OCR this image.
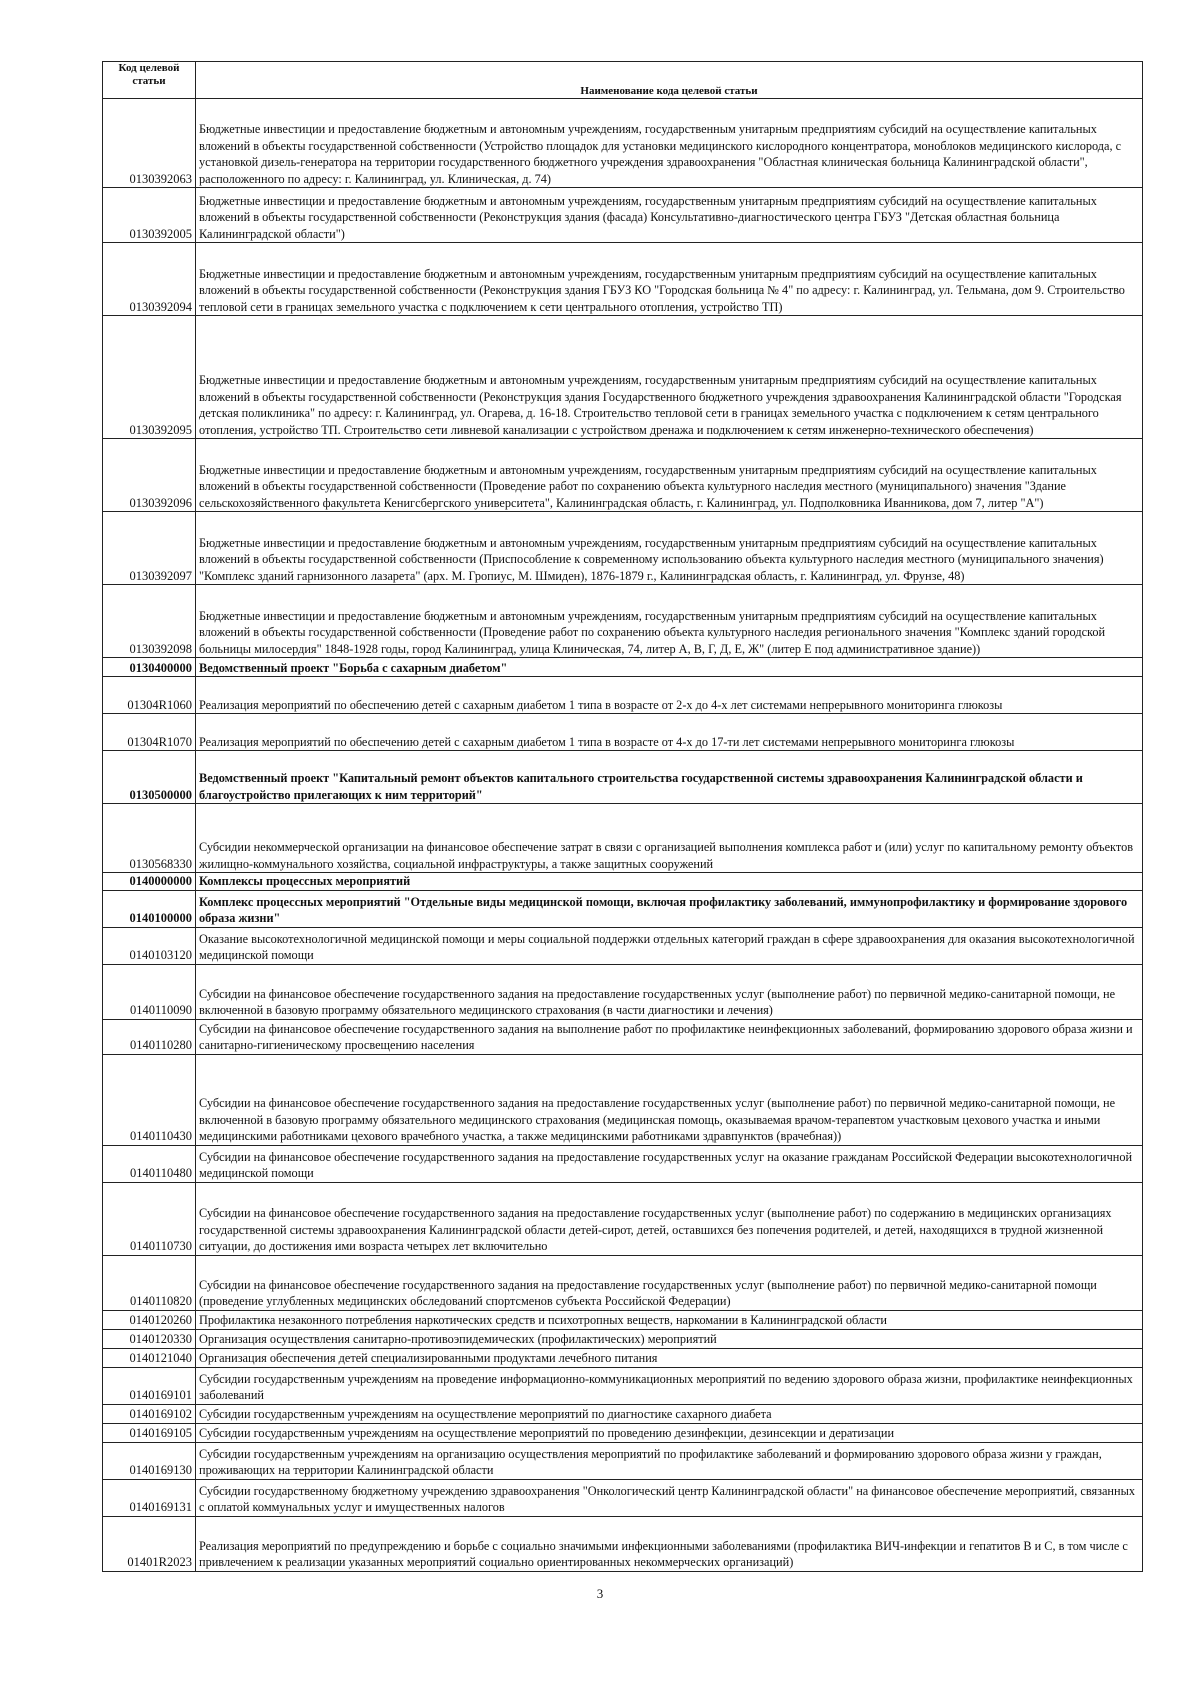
Код целевой статьи	Наименование кода целевой статьи
0130392063	Бюджетные инвестиции и предоставление бюджетным и автономным учреждениям, государственным унитарным предприятиям субсидий на осуществление капитальных вложений в объекты государственной собственности (Устройство площадок для установки медицинского кислородного концентратора, моноблоков медицинского кислорода, с установкой дизель-генератора на территории государственного бюджетного учреждения здравоохранения "Областная клиническая больница Калининградской области", расположенного по адресу: г. Калининград, ул. Клиническая, д. 74)
0130392005	Бюджетные инвестиции и предоставление бюджетным и автономным учреждениям, государственным унитарным предприятиям субсидий на осуществление капитальных вложений в объекты государственной собственности (Реконструкция здания (фасада) Консультативно-диагностического центра ГБУЗ "Детская областная больница Калининградской области")
0130392094	Бюджетные инвестиции и предоставление бюджетным и автономным учреждениям, государственным унитарным предприятиям субсидий на осуществление капитальных вложений в объекты государственной собственности (Реконструкция здания ГБУЗ КО "Городская больница № 4" по адресу: г. Калининград, ул. Тельмана, дом 9. Строительство тепловой сети в границах земельного участка с подключением к сети центрального отопления, устройство ТП)
0130392095	Бюджетные инвестиции и предоставление бюджетным и автономным учреждениям, государственным унитарным предприятиям субсидий на осуществление капитальных вложений в объекты государственной собственности (Реконструкция здания Государственного бюджетного учреждения здравоохранения Калининградской области "Городская детская поликлиника" по адресу: г. Калининград, ул. Огарева, д. 16-18. Строительство тепловой сети в границах земельного участка с подключением к сетям центрального отопления, устройство ТП. Строительство сети ливневой канализации с устройством дренажа и подключением к сетям инженерно-технического обеспечения)
0130392096	Бюджетные инвестиции и предоставление бюджетным и автономным учреждениям, государственным унитарным предприятиям субсидий на осуществление капитальных вложений в объекты государственной собственности (Проведение работ по сохранению объекта культурного наследия местного (муниципального) значения "Здание сельскохозяйственного факультета Кенигсбергского университета", Калининградская область, г. Калининград, ул. Подполковника Иванникова, дом 7, литер "А")
0130392097	Бюджетные инвестиции и предоставление бюджетным и автономным учреждениям, государственным унитарным предприятиям субсидий на осуществление капитальных вложений в объекты государственной собственности (Приспособление к современному использованию объекта культурного наследия местного (муниципального значения) "Комплекс зданий гарнизонного лазарета" (арх. М. Гропиус, М. Шмиден), 1876-1879 г., Калининградская область, г. Калининград, ул. Фрунзе, 48)
0130392098	Бюджетные инвестиции и предоставление бюджетным и автономным учреждениям, государственным унитарным предприятиям субсидий на осуществление капитальных вложений в объекты государственной собственности (Проведение работ по сохранению объекта культурного наследия регионального значения "Комплекс зданий городской больницы милосердия" 1848-1928 годы, город Калининград, улица Клиническая, 74, литер А, В, Г, Д, Е, Ж" (литер Е под административное здание))
0130400000	Ведомственный проект "Борьба с сахарным диабетом"
01304R1060	Реализация мероприятий по обеспечению детей с сахарным диабетом 1 типа в возрасте от 2-х до 4-х лет системами непрерывного мониторинга глюкозы
01304R1070	Реализация мероприятий по обеспечению детей с сахарным диабетом 1 типа в возрасте от 4-х до 17-ти лет системами непрерывного мониторинга глюкозы
0130500000	Ведомственный проект "Капитальный ремонт объектов капитального строительства государственной системы здравоохранения Калининградской области и благоустройство прилегающих к ним территорий"
0130568330	Субсидии некоммерческой организации на финансовое обеспечение затрат в связи с организацией выполнения комплекса работ и (или) услуг по капитальному ремонту объектов жилищно-коммунального хозяйства, социальной инфраструктуры, а также защитных сооружений
0140000000	Комплексы процессных мероприятий
0140100000	Комплекс процессных мероприятий "Отдельные виды медицинской помощи, включая профилактику заболеваний, иммунопрофилактику и формирование здорового образа жизни"
0140103120	Оказание высокотехнологичной медицинской помощи и меры социальной поддержки отдельных категорий граждан в сфере здравоохранения для оказания высокотехнологичной медицинской помощи
0140110090	Субсидии на финансовое обеспечение государственного задания на предоставление государственных услуг (выполнение работ) по первичной медико-санитарной помощи, не включенной в базовую программу обязательного медицинского страхования (в части диагностики и лечения)
0140110280	Субсидии на финансовое обеспечение государственного задания на выполнение работ по профилактике неинфекционных заболеваний, формированию здорового образа жизни и санитарно-гигиеническому просвещению населения
0140110430	Субсидии на финансовое обеспечение государственного задания на предоставление государственных услуг (выполнение работ) по первичной медико-санитарной помощи, не включенной в базовую программу обязательного медицинского страхования (медицинская помощь, оказываемая врачом-терапевтом участковым цехового участка и иными медицинскими работниками цехового врачебного участка, а также медицинскими работниками здравпунктов (врачебная))
0140110480	Субсидии на финансовое обеспечение государственного задания на предоставление государственных услуг на оказание гражданам Российской Федерации высокотехнологичной медицинской помощи
0140110730	Субсидии на финансовое обеспечение государственного задания на предоставление государственных услуг (выполнение работ) по содержанию в медицинских организациях государственной системы здравоохранения Калининградской области детей-сирот, детей, оставшихся без попечения родителей, и детей, находящихся в трудной жизненной ситуации, до достижения ими возраста четырех лет включительно
0140110820	Субсидии на финансовое обеспечение государственного задания на предоставление государственных услуг (выполнение работ) по первичной медико-санитарной помощи (проведение углубленных медицинских обследований спортсменов субъекта Российской Федерации)
0140120260	Профилактика незаконного потребления наркотических средств и психотропных веществ, наркомании в Калининградской области
0140120330	Организация осуществления санитарно-противоэпидемических (профилактических) мероприятий
0140121040	Организация обеспечения детей специализированными продуктами лечебного питания
0140169101	Субсидии государственным учреждениям на проведение информационно-коммуникационных мероприятий по ведению здорового образа жизни, профилактике неинфекционных заболеваний
0140169102	Субсидии государственным учреждениям на осуществление мероприятий по диагностике сахарного диабета
0140169105	Субсидии государственным учреждениям на осуществление мероприятий по проведению дезинфекции, дезинсекции и дератизации
0140169130	Субсидии государственным учреждениям на организацию осуществления мероприятий по профилактике заболеваний и формированию здорового образа жизни у граждан, проживающих на территории Калининградской области
0140169131	Субсидии государственному бюджетному учреждению здравоохранения "Онкологический центр Калининградской области" на финансовое обеспечение мероприятий, связанных с оплатой коммунальных услуг и имущественных налогов
01401R2023	Реализация мероприятий по предупреждению и борьбе с социально значимыми инфекционными заболеваниями (профилактика ВИЧ-инфекции и гепатитов В и С, в том числе с привлечением к реализации указанных мероприятий социально ориентированных некоммерческих организаций)
3
